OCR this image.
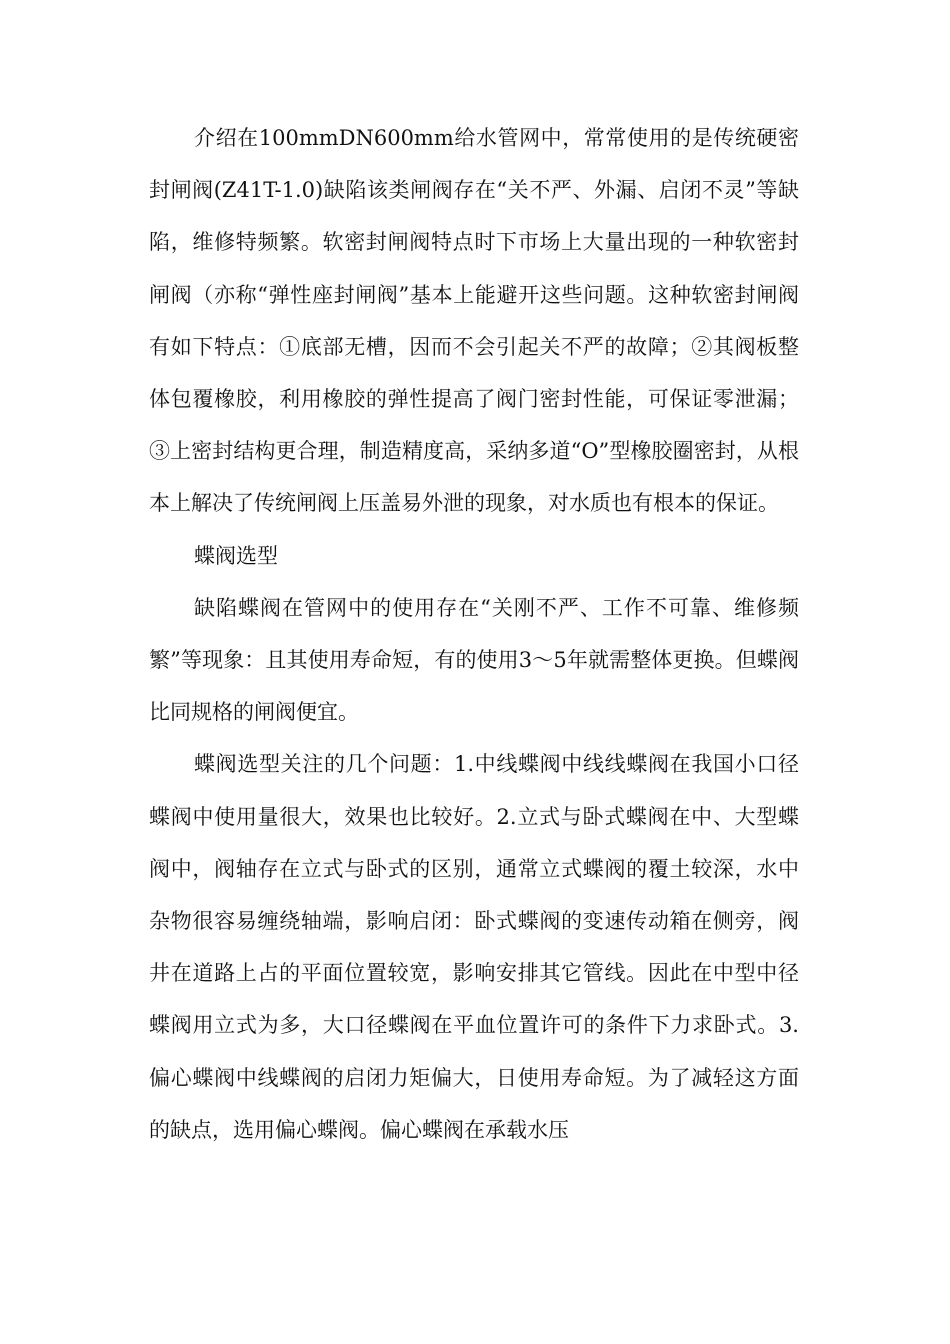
介绍在100mmDN600mm给水管网中，常常使用的是传统硬密封闸阀(Z41T-1.0)缺陷该类闸阀存在“关不严、外漏、启闭不灵”等缺陷，维修特频繁。软密封闸阀特点时下市场上大量出现的一种软密封闸阀（亦称“弹性座封闸阀”基本上能避开这些问题。这种软密封闸阀有如下特点：①底部无槽，因而不会引起关不严的故障；②其阀板整体包覆橡胶，利用橡胶的弹性提高了阀门密封性能，可保证零泄漏；③上密封结构更合理，制造精度高，采纳多道“O”型橡胶圈密封，从根本上解决了传统闸阀上压盖易外泄的现象，对水质也有根本的保证。

蝶阀选型

缺陷蝶阀在管网中的使用存在“关刚不严、工作不可靠、维修频繁”等现象：且其使用寿命短，有的使用3～5年就需整体更换。但蝶阀比同规格的闸阀便宜。

蝶阀选型关注的几个问题：1.中线蝶阀中线线蝶阀在我国小口径蝶阀中使用量很大，效果也比较好。2.立式与卧式蝶阀在中、大型蝶阀中，阀轴存在立式与卧式的区别，通常立式蝶阀的覆土较深，水中杂物很容易缠绕轴端，影响启闭：卧式蝶阀的变速传动箱在侧旁，阀井在道路上占的平面位置较宽，影响安排其它管线。因此在中型中径蝶阀用立式为多，大口径蝶阀在平血位置许可的条件下力求卧式。3.偏心蝶阀中线蝶阀的启闭力矩偏大，日使用寿命短。为了减轻这方面的缺点，选用偏心蝶阀。偏心蝶阀在承载水压
